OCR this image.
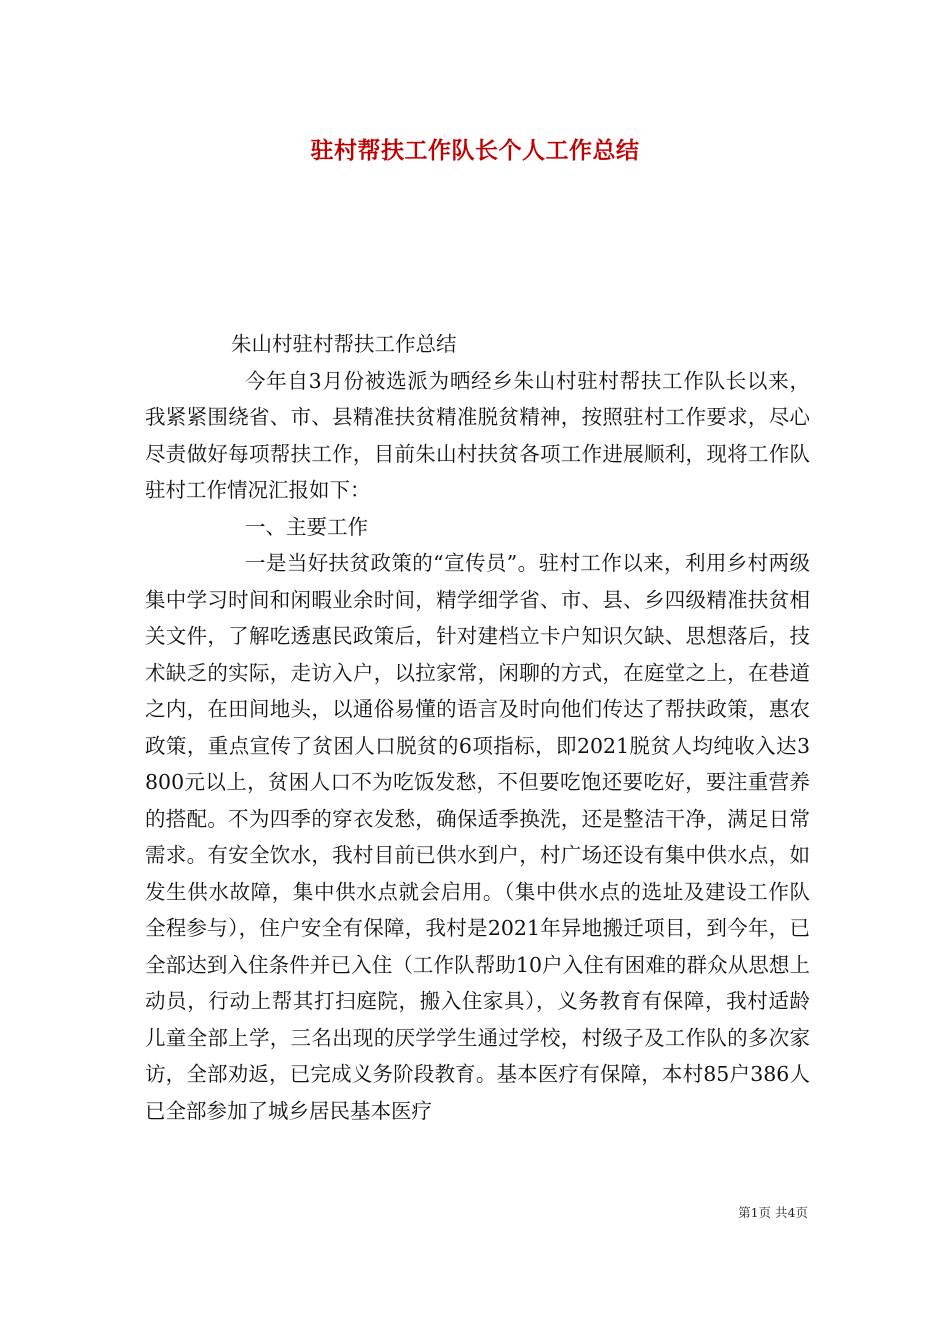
驻村帮扶工作队长个人工作总结

朱山村驻村帮扶工作总结

今年自3月份被选派为晒经乡朱山村驻村帮扶工作队长以来，我紧紧围绕省、市、县精准扶贫精准脱贫精神，按照驻村工作要求，尽心尽责做好每项帮扶工作，目前朱山村扶贫各项工作进展顺利，现将工作队驻村工作情况汇报如下：

一、主要工作

一是当好扶贫政策的“宣传员”。驻村工作以来，利用乡村两级集中学习时间和闲暇业余时间，精学细学省、市、县、乡四级精准扶贫相关文件，了解吃透惠民政策后，针对建档立卡户知识欠缺、思想落后，技术缺乏的实际，走访入户，以拉家常，闲聊的方式，在庭堂之上，在巷道之内，在田间地头，以通俗易懂的语言及时向他们传达了帮扶政策，惠农政策，重点宣传了贫困人口脱贫的6项指标，即2021脱贫人均纯收入达3800元以上，贫困人口不为吃饭发愁，不但要吃饱还要吃好，要注重营养的搭配。不为四季的穿衣发愁，确保适季换洗，还是整洁干净，满足日常需求。有安全饮水，我村目前已供水到户，村广场还设有集中供水点，如发生供水故障，集中供水点就会启用。（集中供水点的选址及建设工作队全程参与），住户安全有保障，我村是2021年异地搬迁项目，到今年，已全部达到入住条件并已入住（工作队帮助10户入住有困难的群众从思想上动员，行动上帮其打扫庭院，搬入住家具），义务教育有保障，我村适龄儿童全部上学，三名出现的厌学学生通过学校，村级子及工作队的多次家访，全部劝返，已完成义务阶段教育。基本医疗有保障，本村85户386人已全部参加了城乡居民基本医疗

第1页 共4页
